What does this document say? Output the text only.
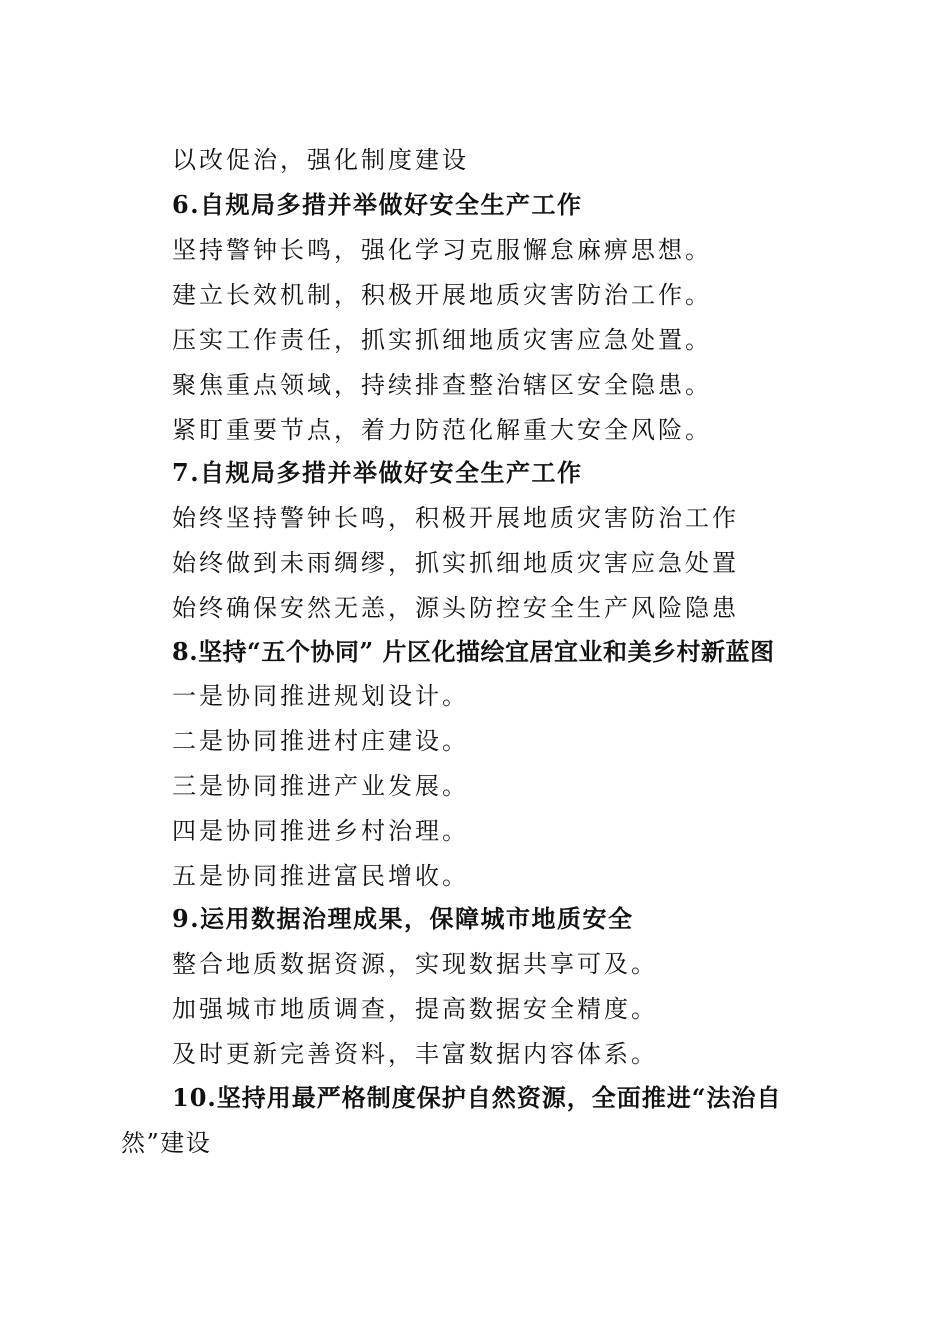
以改促治，强化制度建设
6.自规局多措并举做好安全生产工作
坚持警钟长鸣，强化学习克服懈怠麻痹思想。
建立长效机制，积极开展地质灾害防治工作。
压实工作责任，抓实抓细地质灾害应急处置。
聚焦重点领域，持续排查整治辖区安全隐患。
紧盯重要节点，着力防范化解重大安全风险。
7.自规局多措并举做好安全生产工作
始终坚持警钟长鸣，积极开展地质灾害防治工作
始终做到未雨绸缪，抓实抓细地质灾害应急处置
始终确保安然无恙，源头防控安全生产风险隐患
8.坚持“五个协同” 片区化描绘宜居宜业和美乡村新蓝图
一是协同推进规划设计。
二是协同推进村庄建设。
三是协同推进产业发展。
四是协同推进乡村治理。
五是协同推进富民增收。
9.运用数据治理成果，保障城市地质安全
整合地质数据资源，实现数据共享可及。
加强城市地质调查，提高数据安全精度。
及时更新完善资料，丰富数据内容体系。
10.坚持用最严格制度保护自然资源，全面推进“法治自
然”建设
